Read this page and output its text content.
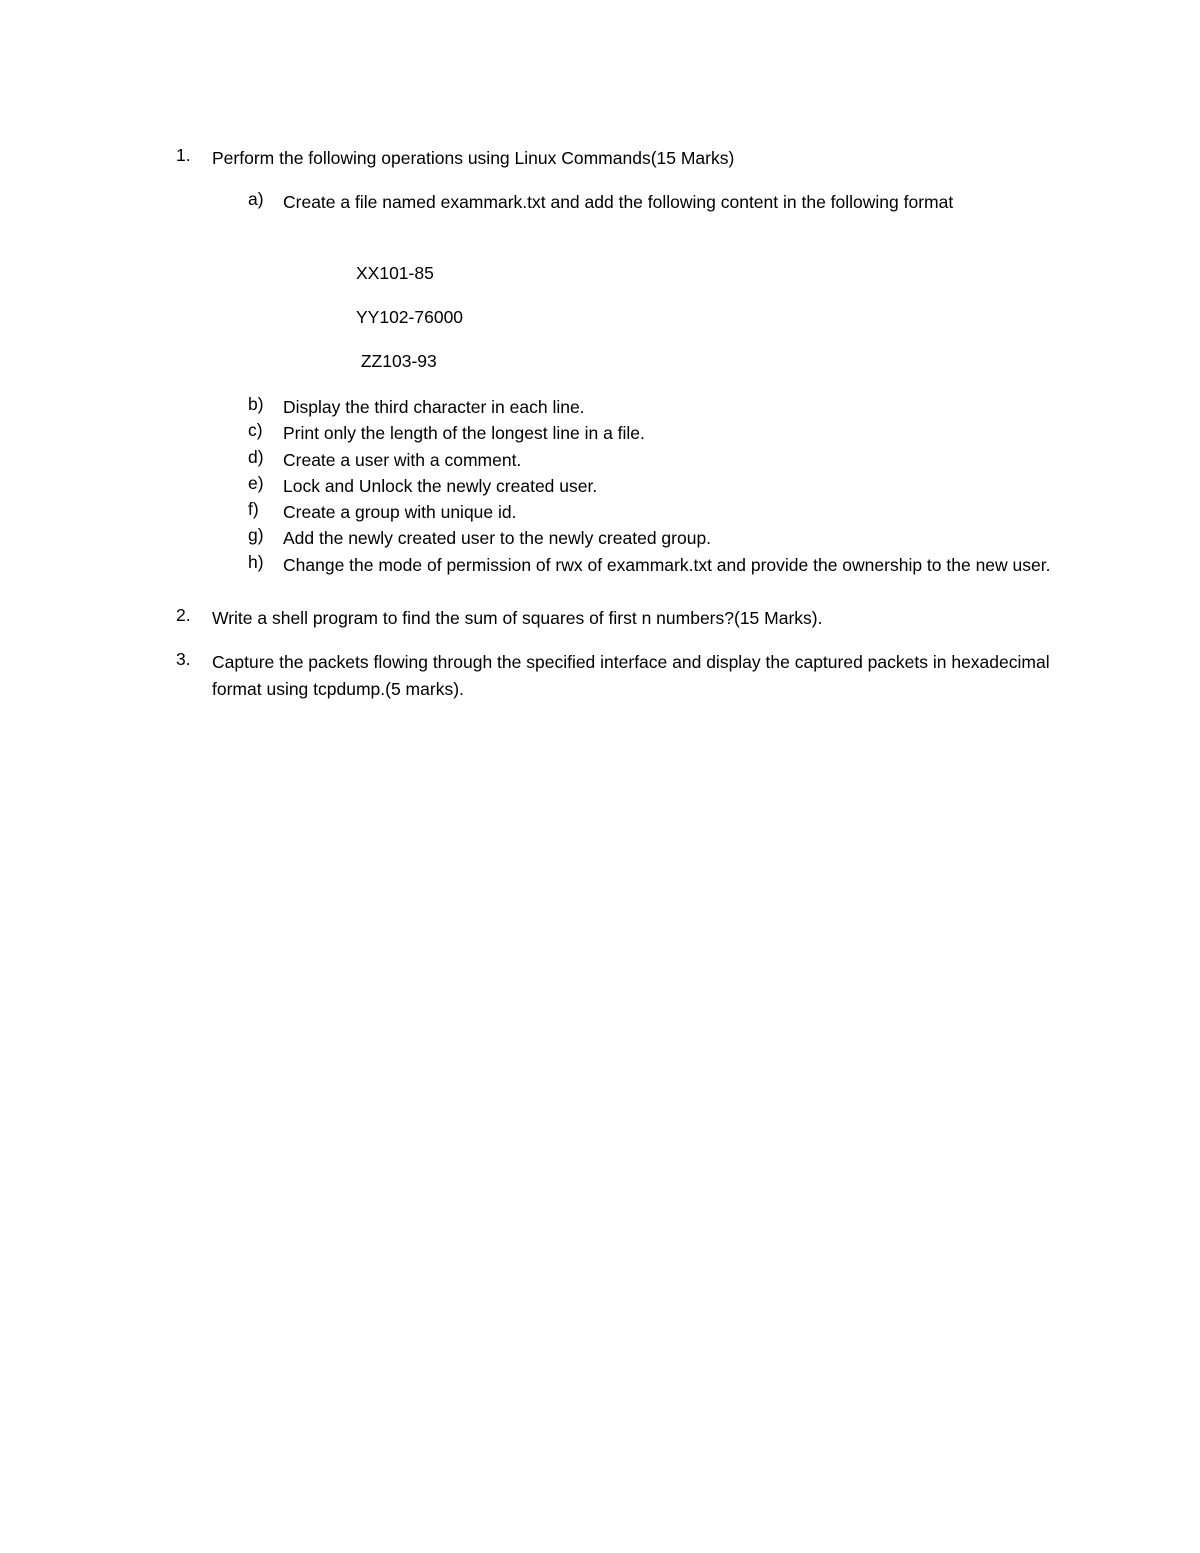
1.	Perform the following operations using Linux Commands(15 Marks)
a)	Create a file named exammark.txt and add the following content in the following format
XX101-85
YY102-76000
ZZ103-93
b)	Display the third character in each line.
c)	Print only the length of the longest line in a file.
d)	Create a user with a comment.
e)	Lock and Unlock the newly created user.
f)	Create a group with unique id.
g)	Add the newly created user to the newly created group.
h)	Change the mode of permission of rwx of exammark.txt and provide the ownership to the new user.
2.	Write a shell program to find the sum of squares of first n numbers?(15 Marks).
3.	Capture the packets flowing through the specified interface and display the captured packets in hexadecimal format using tcpdump.(5 marks).
